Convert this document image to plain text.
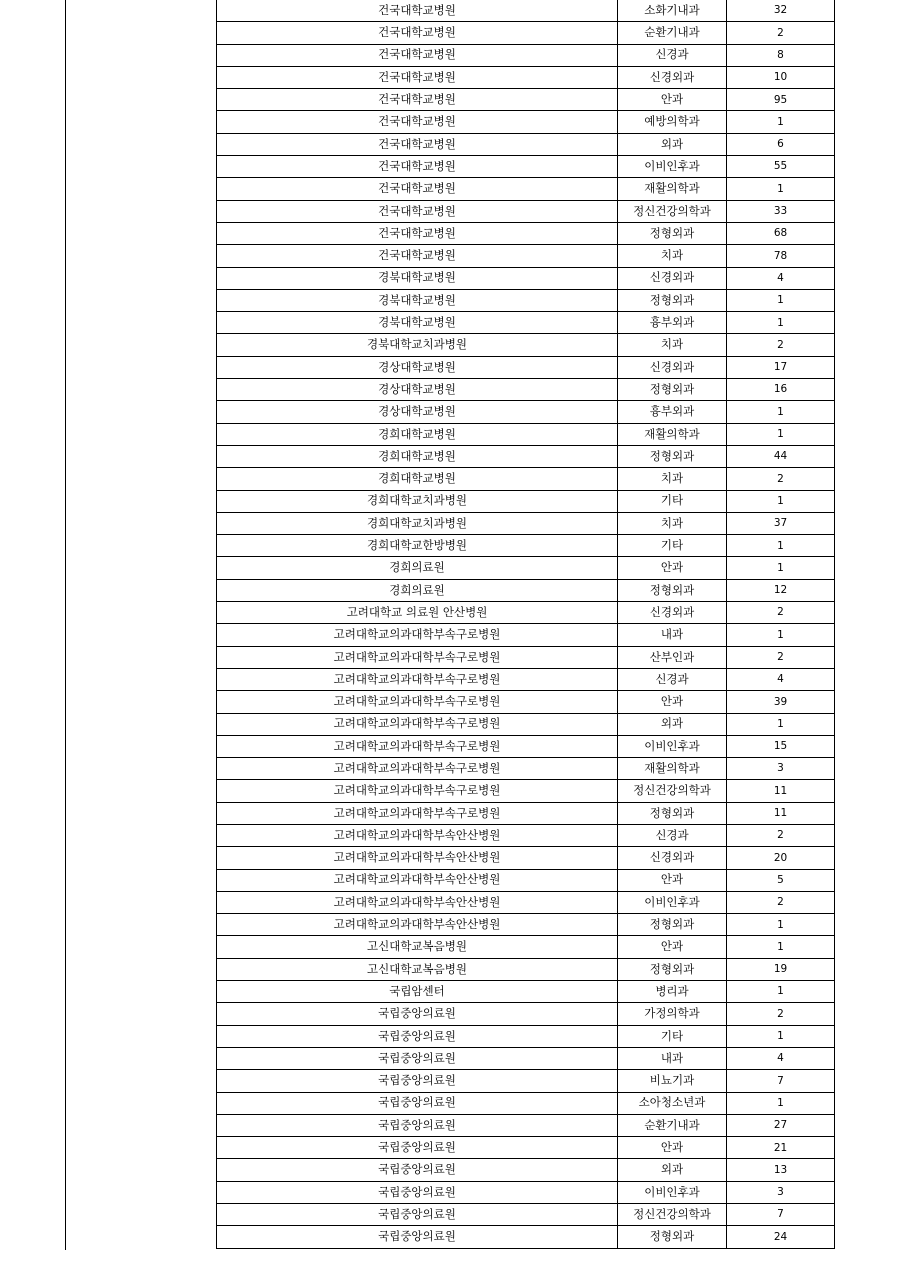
건국대학교병원	소화기내과	32
건국대학교병원	순환기내과	2
건국대학교병원	신경과	8
건국대학교병원	신경외과	10
건국대학교병원	안과	95
건국대학교병원	예방의학과	1
건국대학교병원	외과	6
건국대학교병원	이비인후과	55
건국대학교병원	재활의학과	1
건국대학교병원	정신건강의학과	33
건국대학교병원	정형외과	68
건국대학교병원	치과	78
경북대학교병원	신경외과	4
경북대학교병원	정형외과	1
경북대학교병원	흉부외과	1
경북대학교치과병원	치과	2
경상대학교병원	신경외과	17
경상대학교병원	정형외과	16
경상대학교병원	흉부외과	1
경희대학교병원	재활의학과	1
경희대학교병원	정형외과	44
경희대학교병원	치과	2
경희대학교치과병원	기타	1
경희대학교치과병원	치과	37
경희대학교한방병원	기타	1
경희의료원	안과	1
경희의료원	정형외과	12
고려대학교 의료원 안산병원	신경외과	2
고려대학교의과대학부속구로병원	내과	1
고려대학교의과대학부속구로병원	산부인과	2
고려대학교의과대학부속구로병원	신경과	4
고려대학교의과대학부속구로병원	안과	39
고려대학교의과대학부속구로병원	외과	1
고려대학교의과대학부속구로병원	이비인후과	15
고려대학교의과대학부속구로병원	재활의학과	3
고려대학교의과대학부속구로병원	정신건강의학과	11
고려대학교의과대학부속구로병원	정형외과	11
고려대학교의과대학부속안산병원	신경과	2
고려대학교의과대학부속안산병원	신경외과	20
고려대학교의과대학부속안산병원	안과	5
고려대학교의과대학부속안산병원	이비인후과	2
고려대학교의과대학부속안산병원	정형외과	1
고신대학교복음병원	안과	1
고신대학교복음병원	정형외과	19
국립암센터	병리과	1
국립중앙의료원	가정의학과	2
국립중앙의료원	기타	1
국립중앙의료원	내과	4
국립중앙의료원	비뇨기과	7
국립중앙의료원	소아청소년과	1
국립중앙의료원	순환기내과	27
국립중앙의료원	안과	21
국립중앙의료원	외과	13
국립중앙의료원	이비인후과	3
국립중앙의료원	정신건강의학과	7
국립중앙의료원	정형외과	24
